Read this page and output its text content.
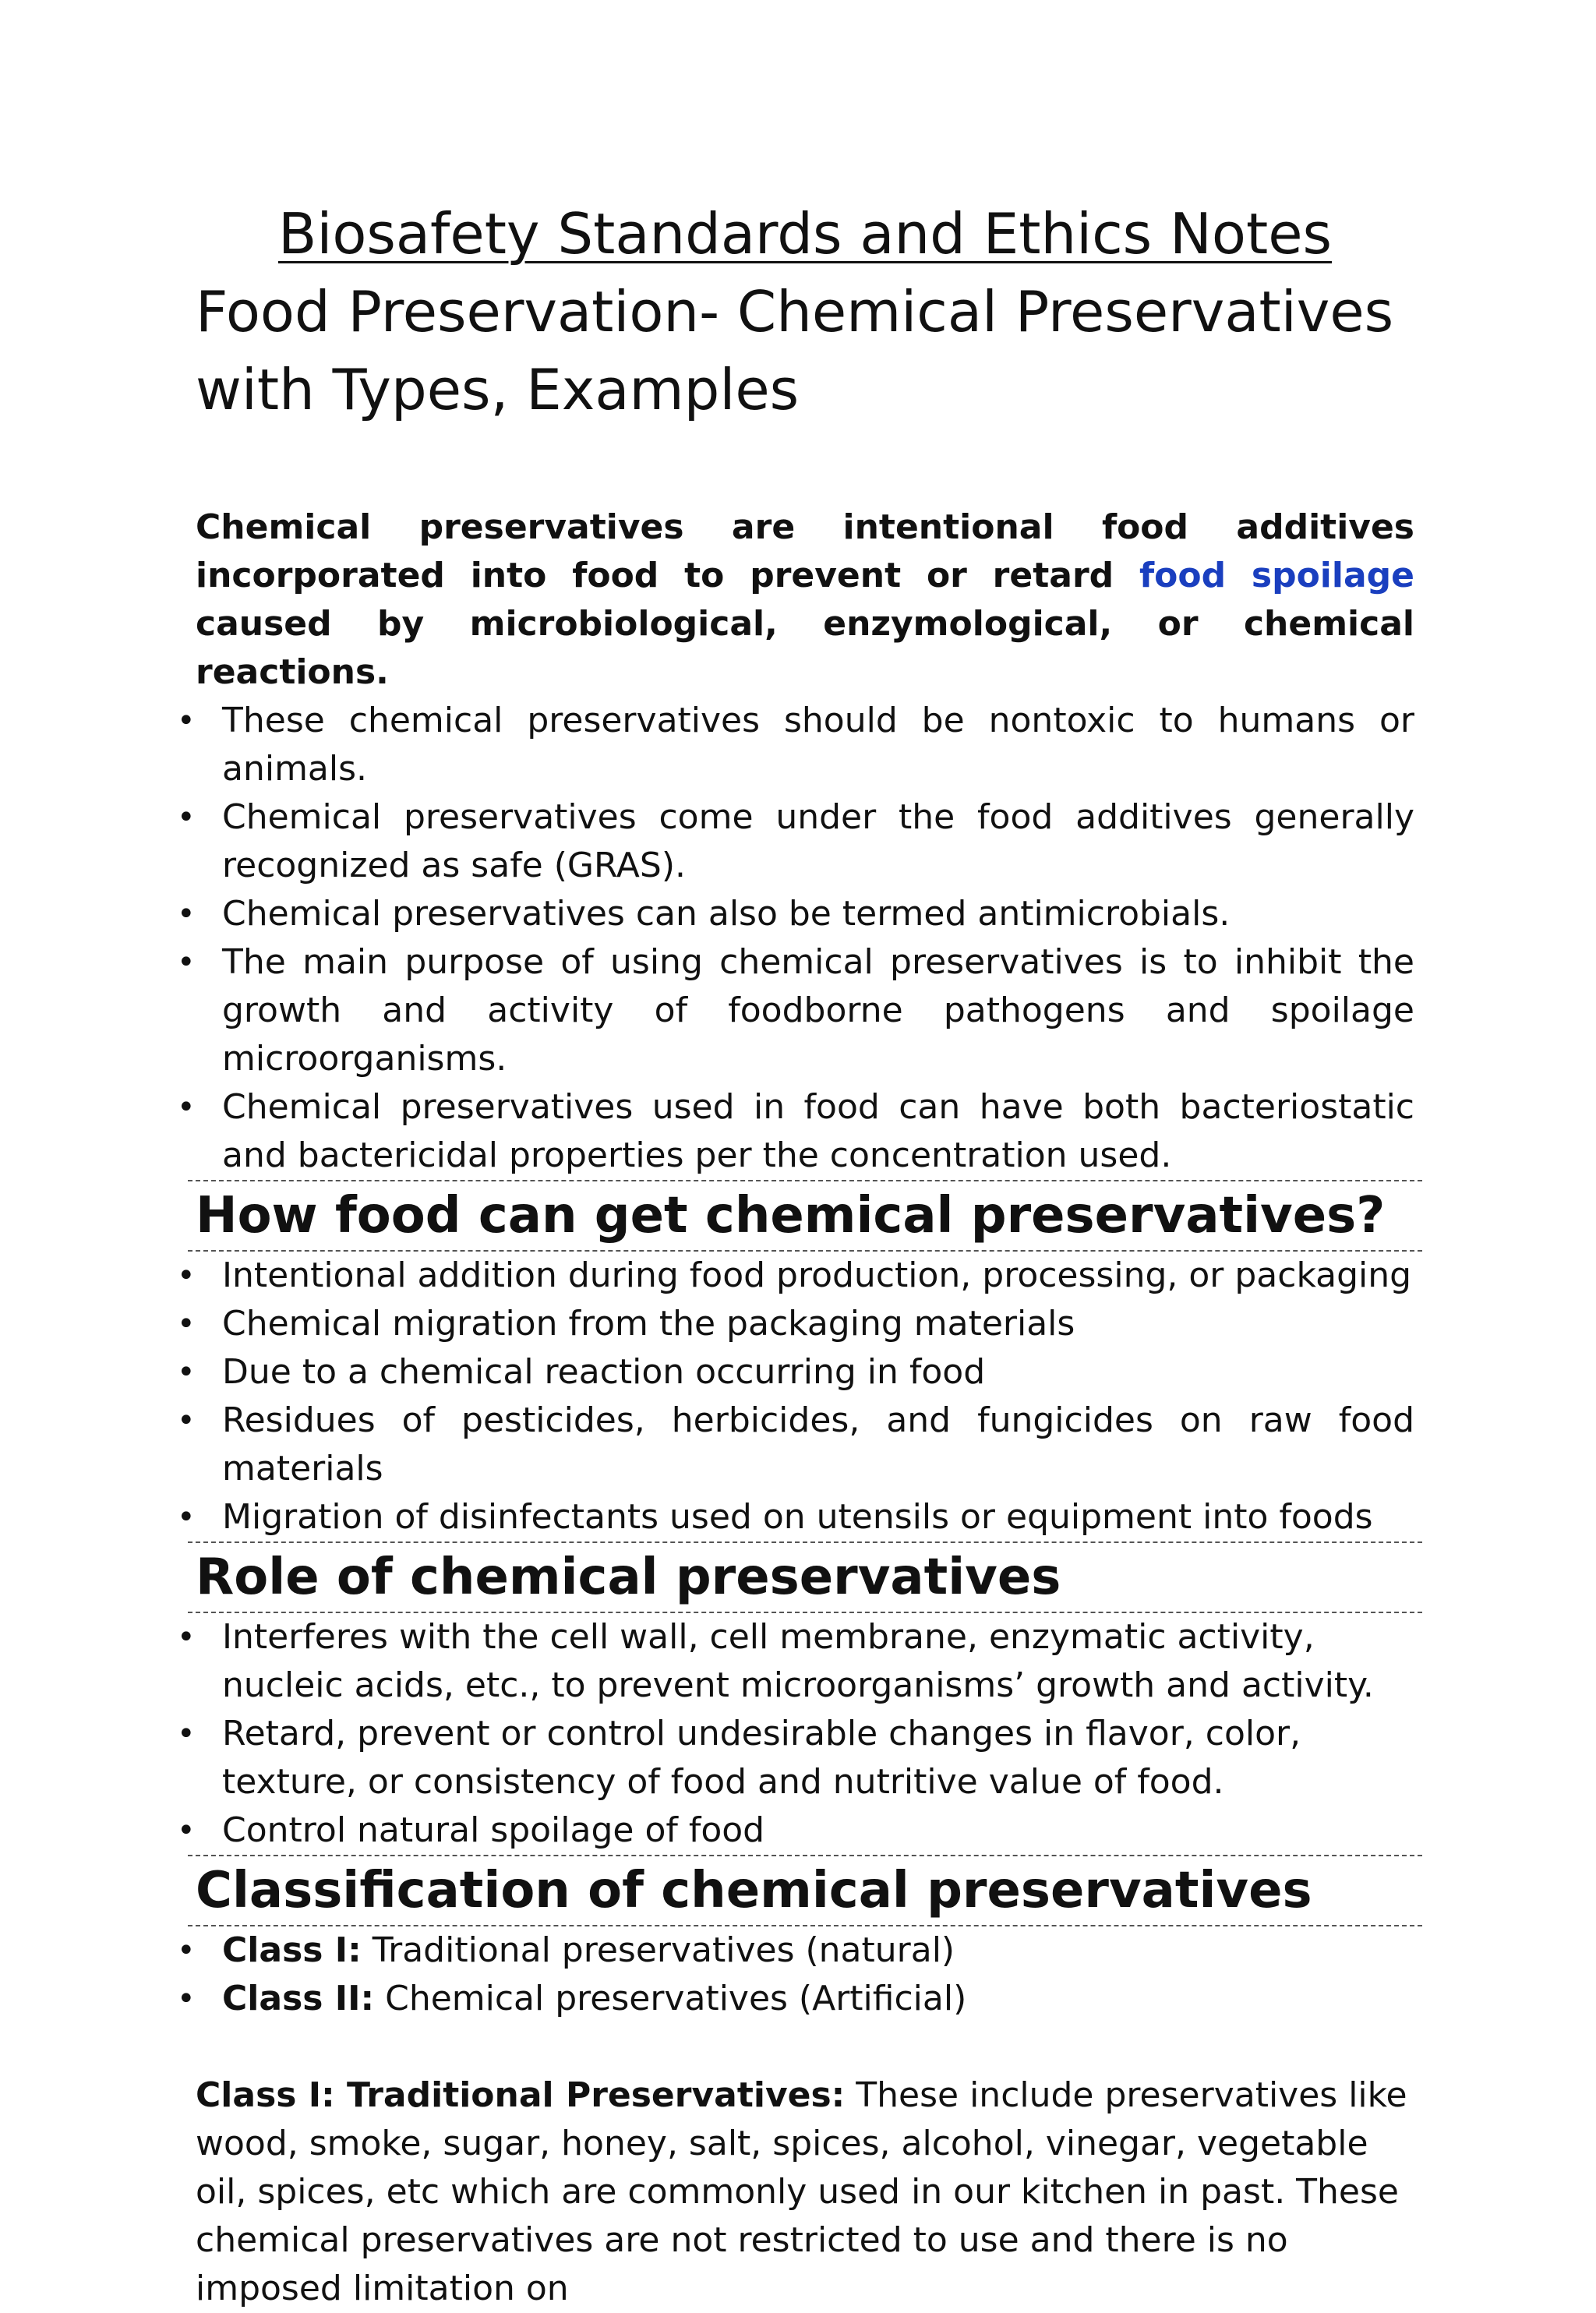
Biosafety Standards and Ethics Notes
Food Preservation- Chemical Preservatives with Types, Examples

Chemical preservatives are intentional food additives incorporated into food to prevent or retard food spoilage caused by microbiological, enzymological, or chemical reactions.

• These chemical preservatives should be nontoxic to humans or animals.
• Chemical preservatives come under the food additives generally recognized as safe (GRAS).
• Chemical preservatives can also be termed antimicrobials.
• The main purpose of using chemical preservatives is to inhibit the growth and activity of foodborne pathogens and spoilage microorganisms.
• Chemical preservatives used in food can have both bacteriostatic and bactericidal properties per the concentration used.
How food can get chemical preservatives?
• Intentional addition during food production, processing, or packaging
• Chemical migration from the packaging materials
• Due to a chemical reaction occurring in food
• Residues of pesticides, herbicides, and fungicides on raw food materials
• Migration of disinfectants used on utensils or equipment into foods
Role of chemical preservatives
• Interferes with the cell wall, cell membrane, enzymatic activity, nucleic acids, etc., to prevent microorganisms’ growth and activity.
• Retard, prevent or control undesirable changes in flavor, color, texture, or consistency of food and nutritive value of food.
• Control natural spoilage of food
Classification of chemical preservatives
• Class I: Traditional preservatives (natural)
• Class II: Chemical preservatives (Artificial)

Class I: Traditional Preservatives: These include preservatives like wood, smoke, sugar, honey, salt, spices, alcohol, vinegar, vegetable oil, spices, etc which are commonly used in our kitchen in past. These chemical preservatives are not restricted to use and there is no imposed limitation on
